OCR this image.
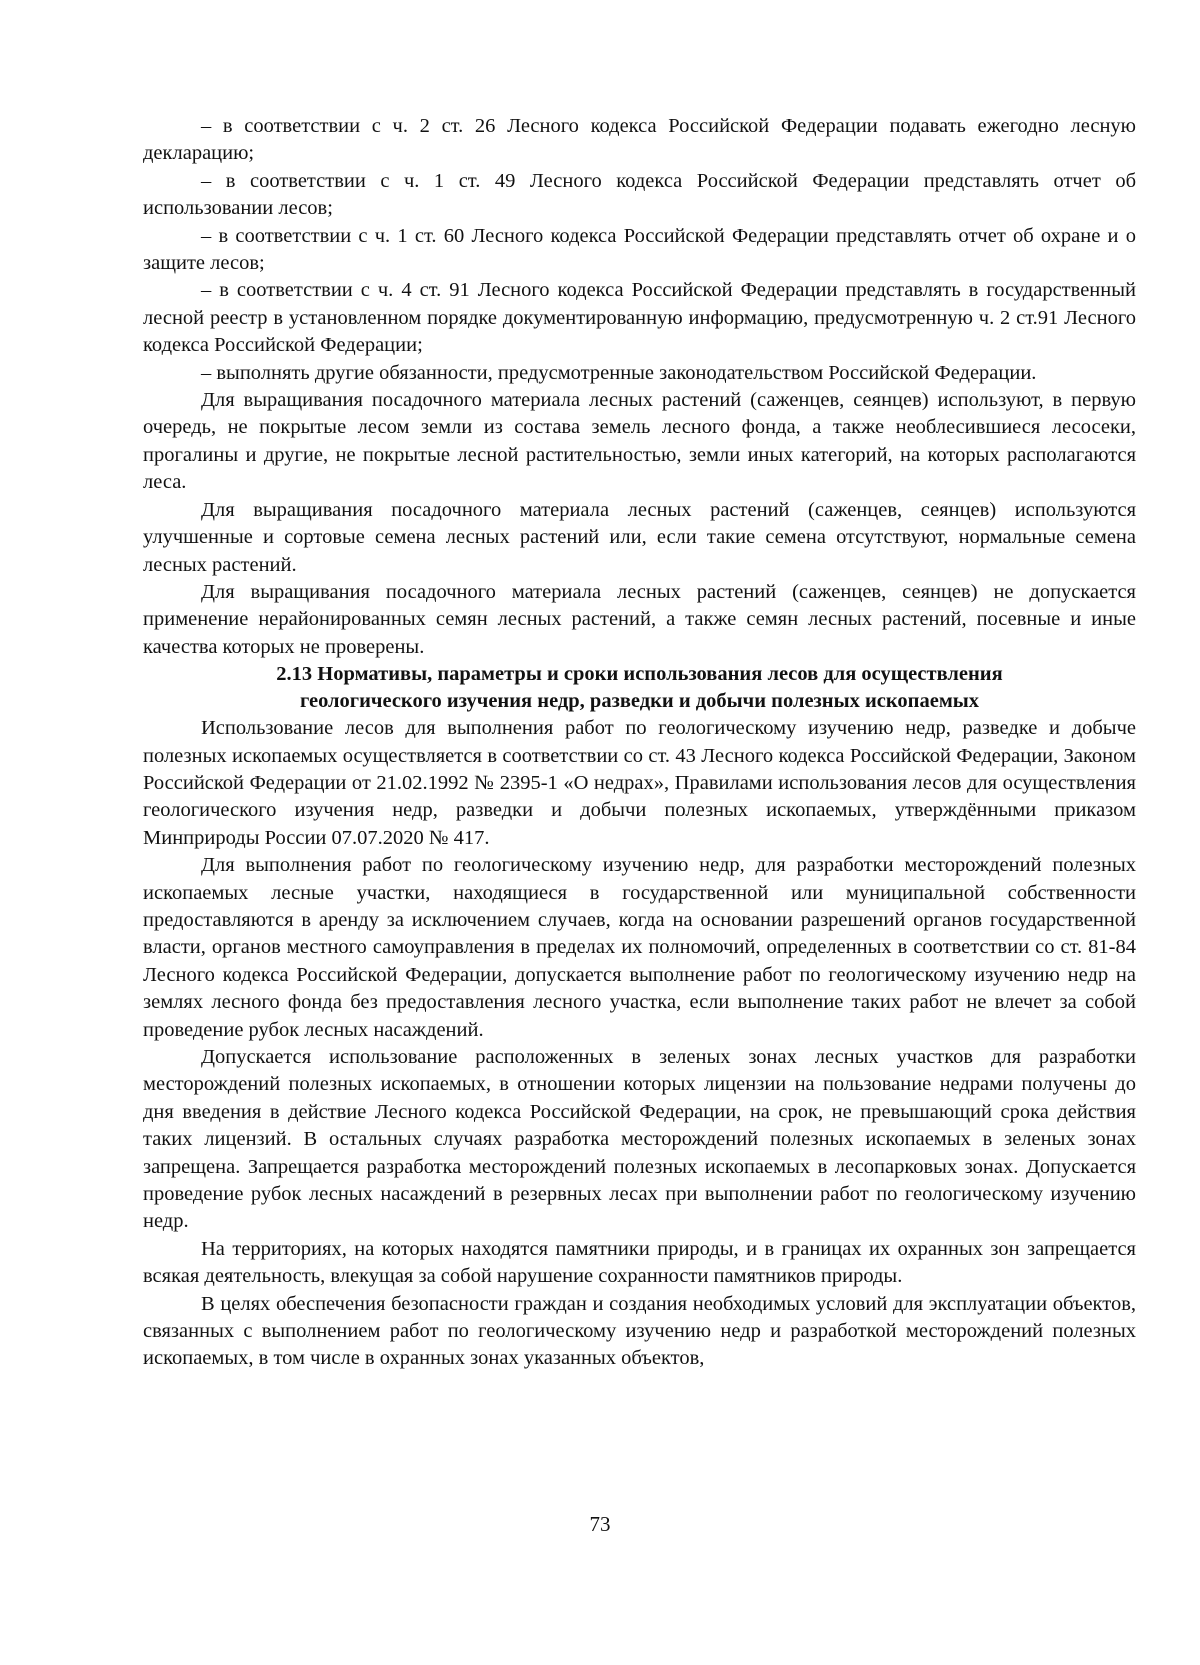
– в соответствии с ч. 2 ст. 26 Лесного кодекса Российской Федерации подавать ежегодно лесную декларацию;

– в соответствии с ч. 1 ст. 49 Лесного кодекса Российской Федерации представлять отчет об использовании лесов;

– в соответствии с ч. 1 ст. 60 Лесного кодекса Российской Федерации представлять отчет об охране и о защите лесов;

– в соответствии с ч. 4 ст. 91 Лесного кодекса Российской Федерации представлять в государственный лесной реестр в установленном порядке документированную информацию, предусмотренную ч. 2 ст.91 Лесного кодекса Российской Федерации;

– выполнять другие обязанности, предусмотренные законодательством Российской Федерации.

Для выращивания посадочного материала лесных растений (саженцев, сеянцев) используют, в первую очередь, не покрытые лесом земли из состава земель лесного фонда, а также необлесившиеся лесосеки, прогалины и другие, не покрытые лесной растительностью, земли иных категорий, на которых располагаются леса.

Для выращивания посадочного материала лесных растений (саженцев, сеянцев) используются улучшенные и сортовые семена лесных растений или, если такие семена отсутствуют, нормальные семена лесных растений.

Для выращивания посадочного материала лесных растений (саженцев, сеянцев) не допускается применение нерайонированных семян лесных растений, а также семян лесных растений, посевные и иные качества которых не проверены.

2.13 Нормативы, параметры и сроки использования лесов для осуществления геологического изучения недр, разведки и добычи полезных ископаемых

Использование лесов для выполнения работ по геологическому изучению недр, разведке и добыче полезных ископаемых осуществляется в соответствии со ст. 43 Лесного кодекса Российской Федерации, Законом Российской Федерации от 21.02.1992 № 2395-1 «О недрах», Правилами использования лесов для осуществления геологического изучения недр, разведки и добычи полезных ископаемых, утверждёнными приказом Минприроды России 07.07.2020 № 417.

Для выполнения работ по геологическому изучению недр, для разработки месторождений полезных ископаемых лесные участки, находящиеся в государственной или муниципальной собственности предоставляются в аренду за исключением случаев, когда на основании разрешений органов государственной власти, органов местного самоуправления в пределах их полномочий, определенных в соответствии со ст. 81-84 Лесного кодекса Российской Федерации, допускается выполнение работ по геологическому изучению недр на землях лесного фонда без предоставления лесного участка, если выполнение таких работ не влечет за собой проведение рубок лесных насаждений.

Допускается использование расположенных в зеленых зонах лесных участков для разработки месторождений полезных ископаемых, в отношении которых лицензии на пользование недрами получены до дня введения в действие Лесного кодекса Российской Федерации, на срок, не превышающий срока действия таких лицензий. В остальных случаях разработка месторождений полезных ископаемых в зеленых зонах запрещена. Запрещается разработка месторождений полезных ископаемых в лесопарковых зонах. Допускается проведение рубок лесных насаждений в резервных лесах при выполнении работ по геологическому изучению недр.

На территориях, на которых находятся памятники природы, и в границах их охранных зон запрещается всякая деятельность, влекущая за собой нарушение сохранности памятников природы.

В целях обеспечения безопасности граждан и создания необходимых условий для эксплуатации объектов, связанных с выполнением работ по геологическому изучению недр и разработкой месторождений полезных ископаемых, в том числе в охранных зонах указанных объектов,

73
